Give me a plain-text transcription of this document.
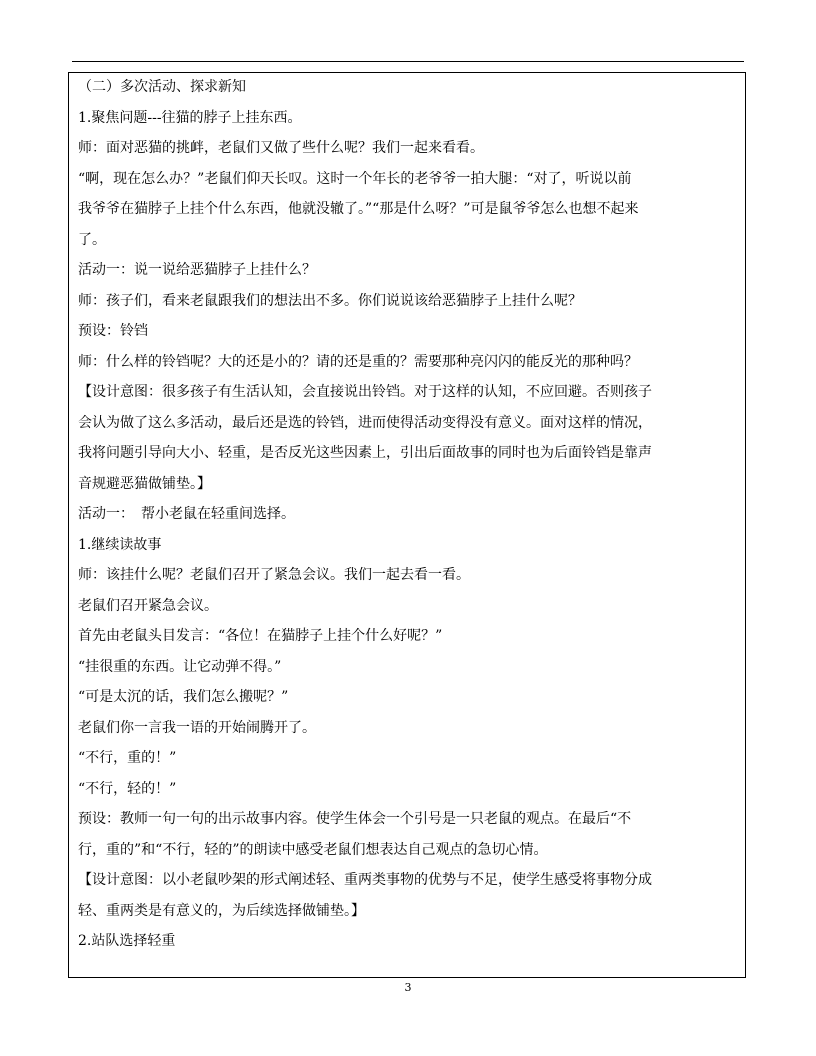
（二）多次活动、探求新知
1.聚焦问题---往猫的脖子上挂东西。
师：面对恶猫的挑衅，老鼠们又做了些什么呢？我们一起来看看。
“啊，现在怎么办？”老鼠们仰天长叹。这时一个年长的老爷爷一拍大腿：“对了，听说以前
我爷爷在猫脖子上挂个什么东西，他就没辙了。”“那是什么呀？”可是鼠爷爷怎么也想不起来
了。
活动一：说一说给恶猫脖子上挂什么？
师：孩子们，看来老鼠跟我们的想法出不多。你们说说该给恶猫脖子上挂什么呢？
预设：铃铛
师：什么样的铃铛呢？大的还是小的？请的还是重的？需要那种亮闪闪的能反光的那种吗？
【设计意图：很多孩子有生活认知，会直接说出铃铛。对于这样的认知，不应回避。否则孩子
会认为做了这么多活动，最后还是选的铃铛，进而使得活动变得没有意义。面对这样的情况，
我将问题引导向大小、轻重，是否反光这些因素上，引出后面故事的同时也为后面铃铛是靠声
音规避恶猫做铺垫。】
活动一：　帮小老鼠在轻重间选择。
1.继续读故事
师：该挂什么呢？老鼠们召开了紧急会议。我们一起去看一看。
老鼠们召开紧急会议。
首先由老鼠头目发言：“各位！在猫脖子上挂个什么好呢？”
“挂很重的东西。让它动弹不得。”
“可是太沉的话，我们怎么搬呢？”
老鼠们你一言我一语的开始闹腾开了。
“不行，重的！”
“不行，轻的！”
预设：教师一句一句的出示故事内容。使学生体会一个引号是一只老鼠的观点。在最后“不
行，重的”和“不行，轻的”的朗读中感受老鼠们想表达自己观点的急切心情。
【设计意图：以小老鼠吵架的形式阐述轻、重两类事物的优势与不足，使学生感受将事物分成
轻、重两类是有意义的，为后续选择做铺垫。】
2.站队选择轻重
3
